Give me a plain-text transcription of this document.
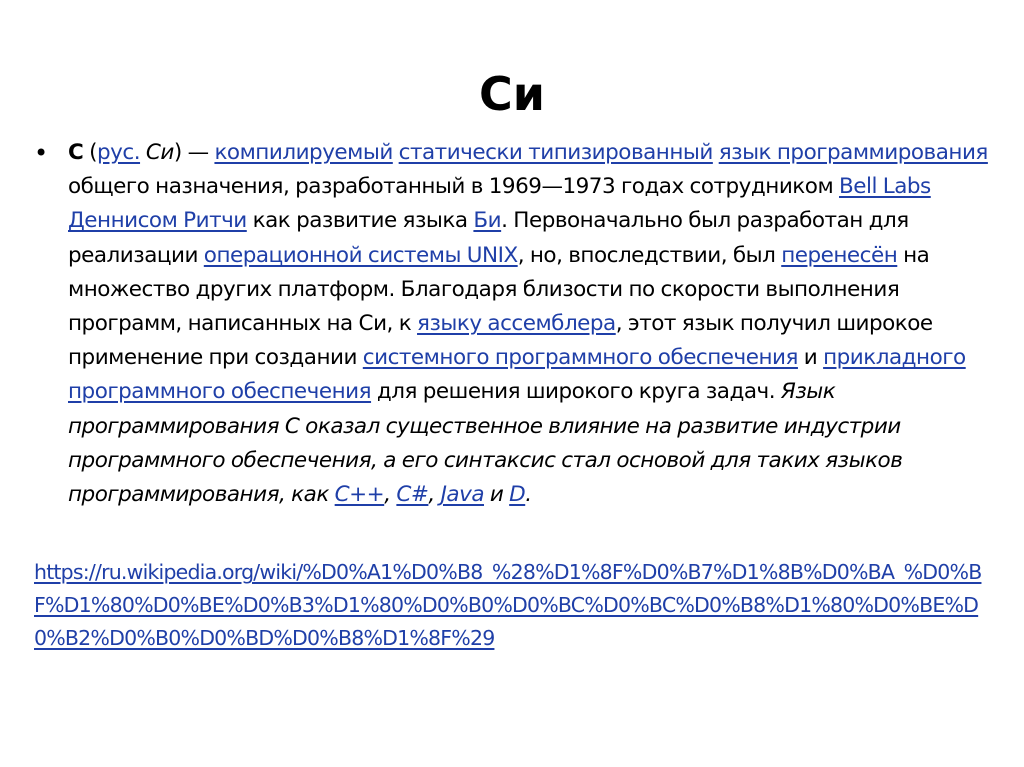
Си
• C (рус. Си) — компилируемый статически типизированный язык программирования общего назначения, разработанный в 1969—1973 годах сотрудником Bell Labs Деннисом Ритчи как развитие языка Би. Первоначально был разработан для реализации операционной системы UNIX, но, впоследствии, был перенесён на множество других платформ. Благодаря близости по скорости выполнения программ, написанных на Си, к языку ассемблера, этот язык получил широкое применение при создании системного программного обеспечения и прикладного программного обеспечения для решения широкого круга задач. Язык программирования С оказал существенное влияние на развитие индустрии программного обеспечения, а его синтаксис стал основой для таких языков программирования, как C++, C#, Java и D.

https://ru.wikipedia.org/wiki/%D0%A1%D0%B8_%28%D1%8F%D0%B7%D1%8B%D0%BA_%D0%BF%D1%80%D0%BE%D0%B3%D1%80%D0%B0%D0%BC%D0%BC%D0%B8%D1%80%D0%BE%D0%B2%D0%B0%D0%BD%D0%B8%D1%8F%29
